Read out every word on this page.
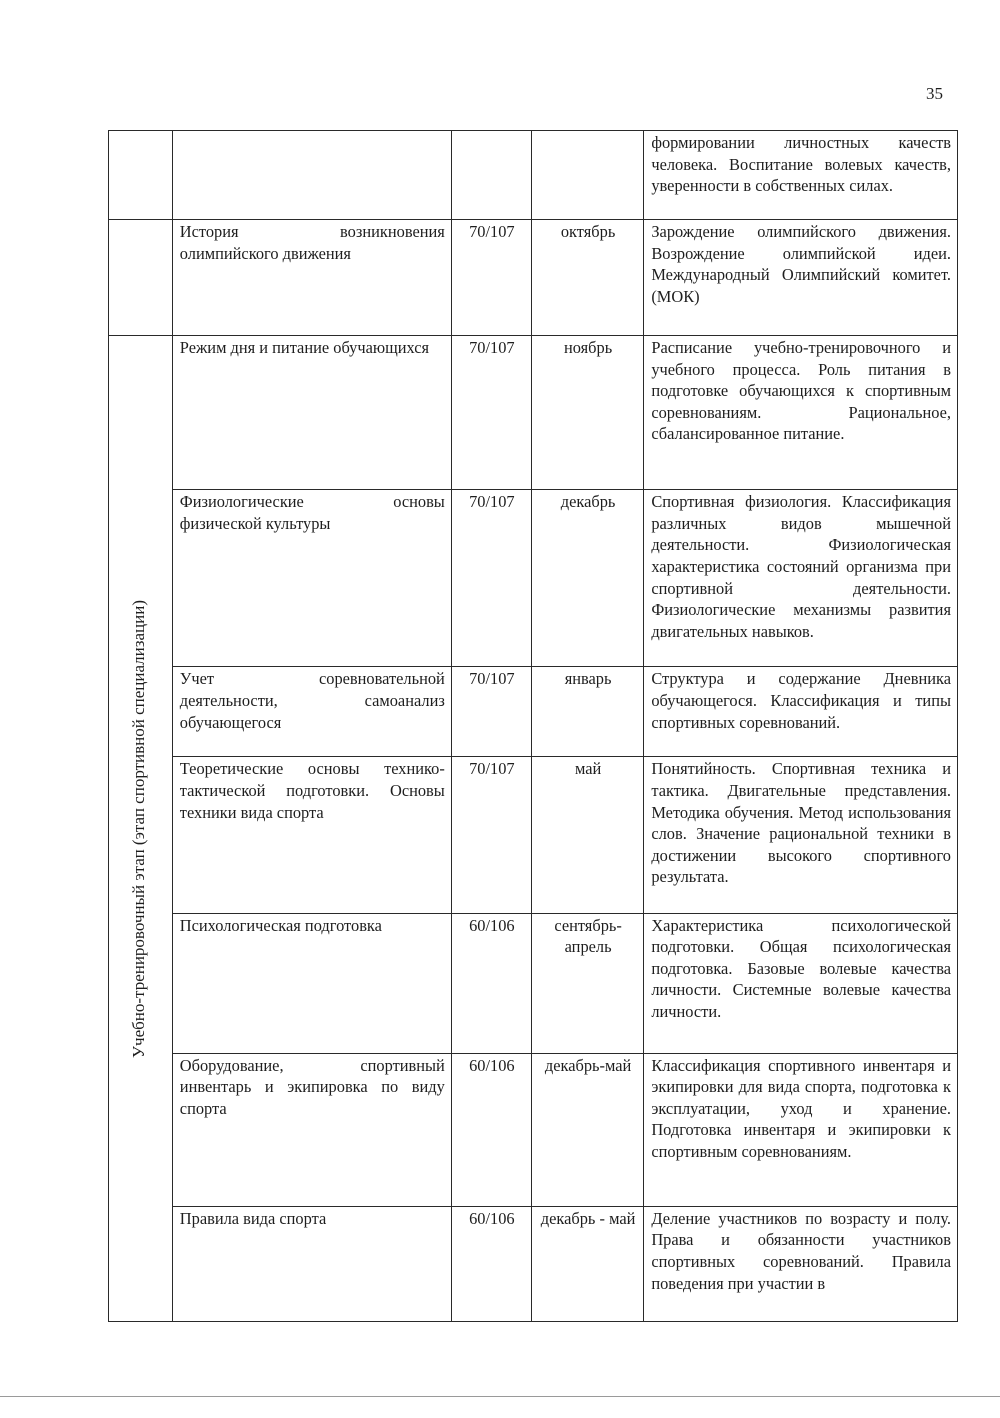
35

				формировании личностных качеств человека. Воспитание волевых качеств, уверенности в собственных силах.

	История возникновения олимпийского движения	70/107	октябрь	Зарождение олимпийского движения. Возрождение олимпийской идеи. Международный Олимпийский комитет. (МОК)

Учебно-тренировочный этап (этап спортивной специализации)	Режим дня и питание обучающихся	70/107	ноябрь	Расписание учебно-тренировочного и учебного процесса. Роль питания в подготовке обучающихся к спортивным соревнованиям. Рациональное, сбалансированное питание.

	Физиологические основы физической культуры	70/107	декабрь	Спортивная физиология. Классификация различных видов мышечной деятельности. Физиологическая характеристика состояний организма при спортивной деятельности. Физиологические механизмы развития двигательных навыков.

	Учет соревновательной деятельности, самоанализ обучающегося	70/107	январь	Структура и содержание Дневника обучающегося. Классификация и типы спортивных соревнований.

	Теоретические основы технико-тактической подготовки. Основы техники вида спорта	70/107	май	Понятийность. Спортивная техника и тактика. Двигательные представления. Методика обучения. Метод использования слов. Значение рациональной техники в достижении высокого спортивного результата.

	Психологическая подготовка	60/106	сентябрь-апрель	Характеристика психологической подготовки. Общая психологическая подготовка. Базовые волевые качества личности. Системные волевые качества личности.

	Оборудование, спортивный инвентарь и экипировка по виду спорта	60/106	декабрь-май	Классификация спортивного инвентаря и экипировки для вида спорта, подготовка к эксплуатации, уход и хранение. Подготовка инвентаря и экипировки к спортивным соревнованиям.

	Правила вида спорта	60/106	декабрь - май	Деление участников по возрасту и полу. Права и обязанности участников спортивных соревнований. Правила поведения при участии в
